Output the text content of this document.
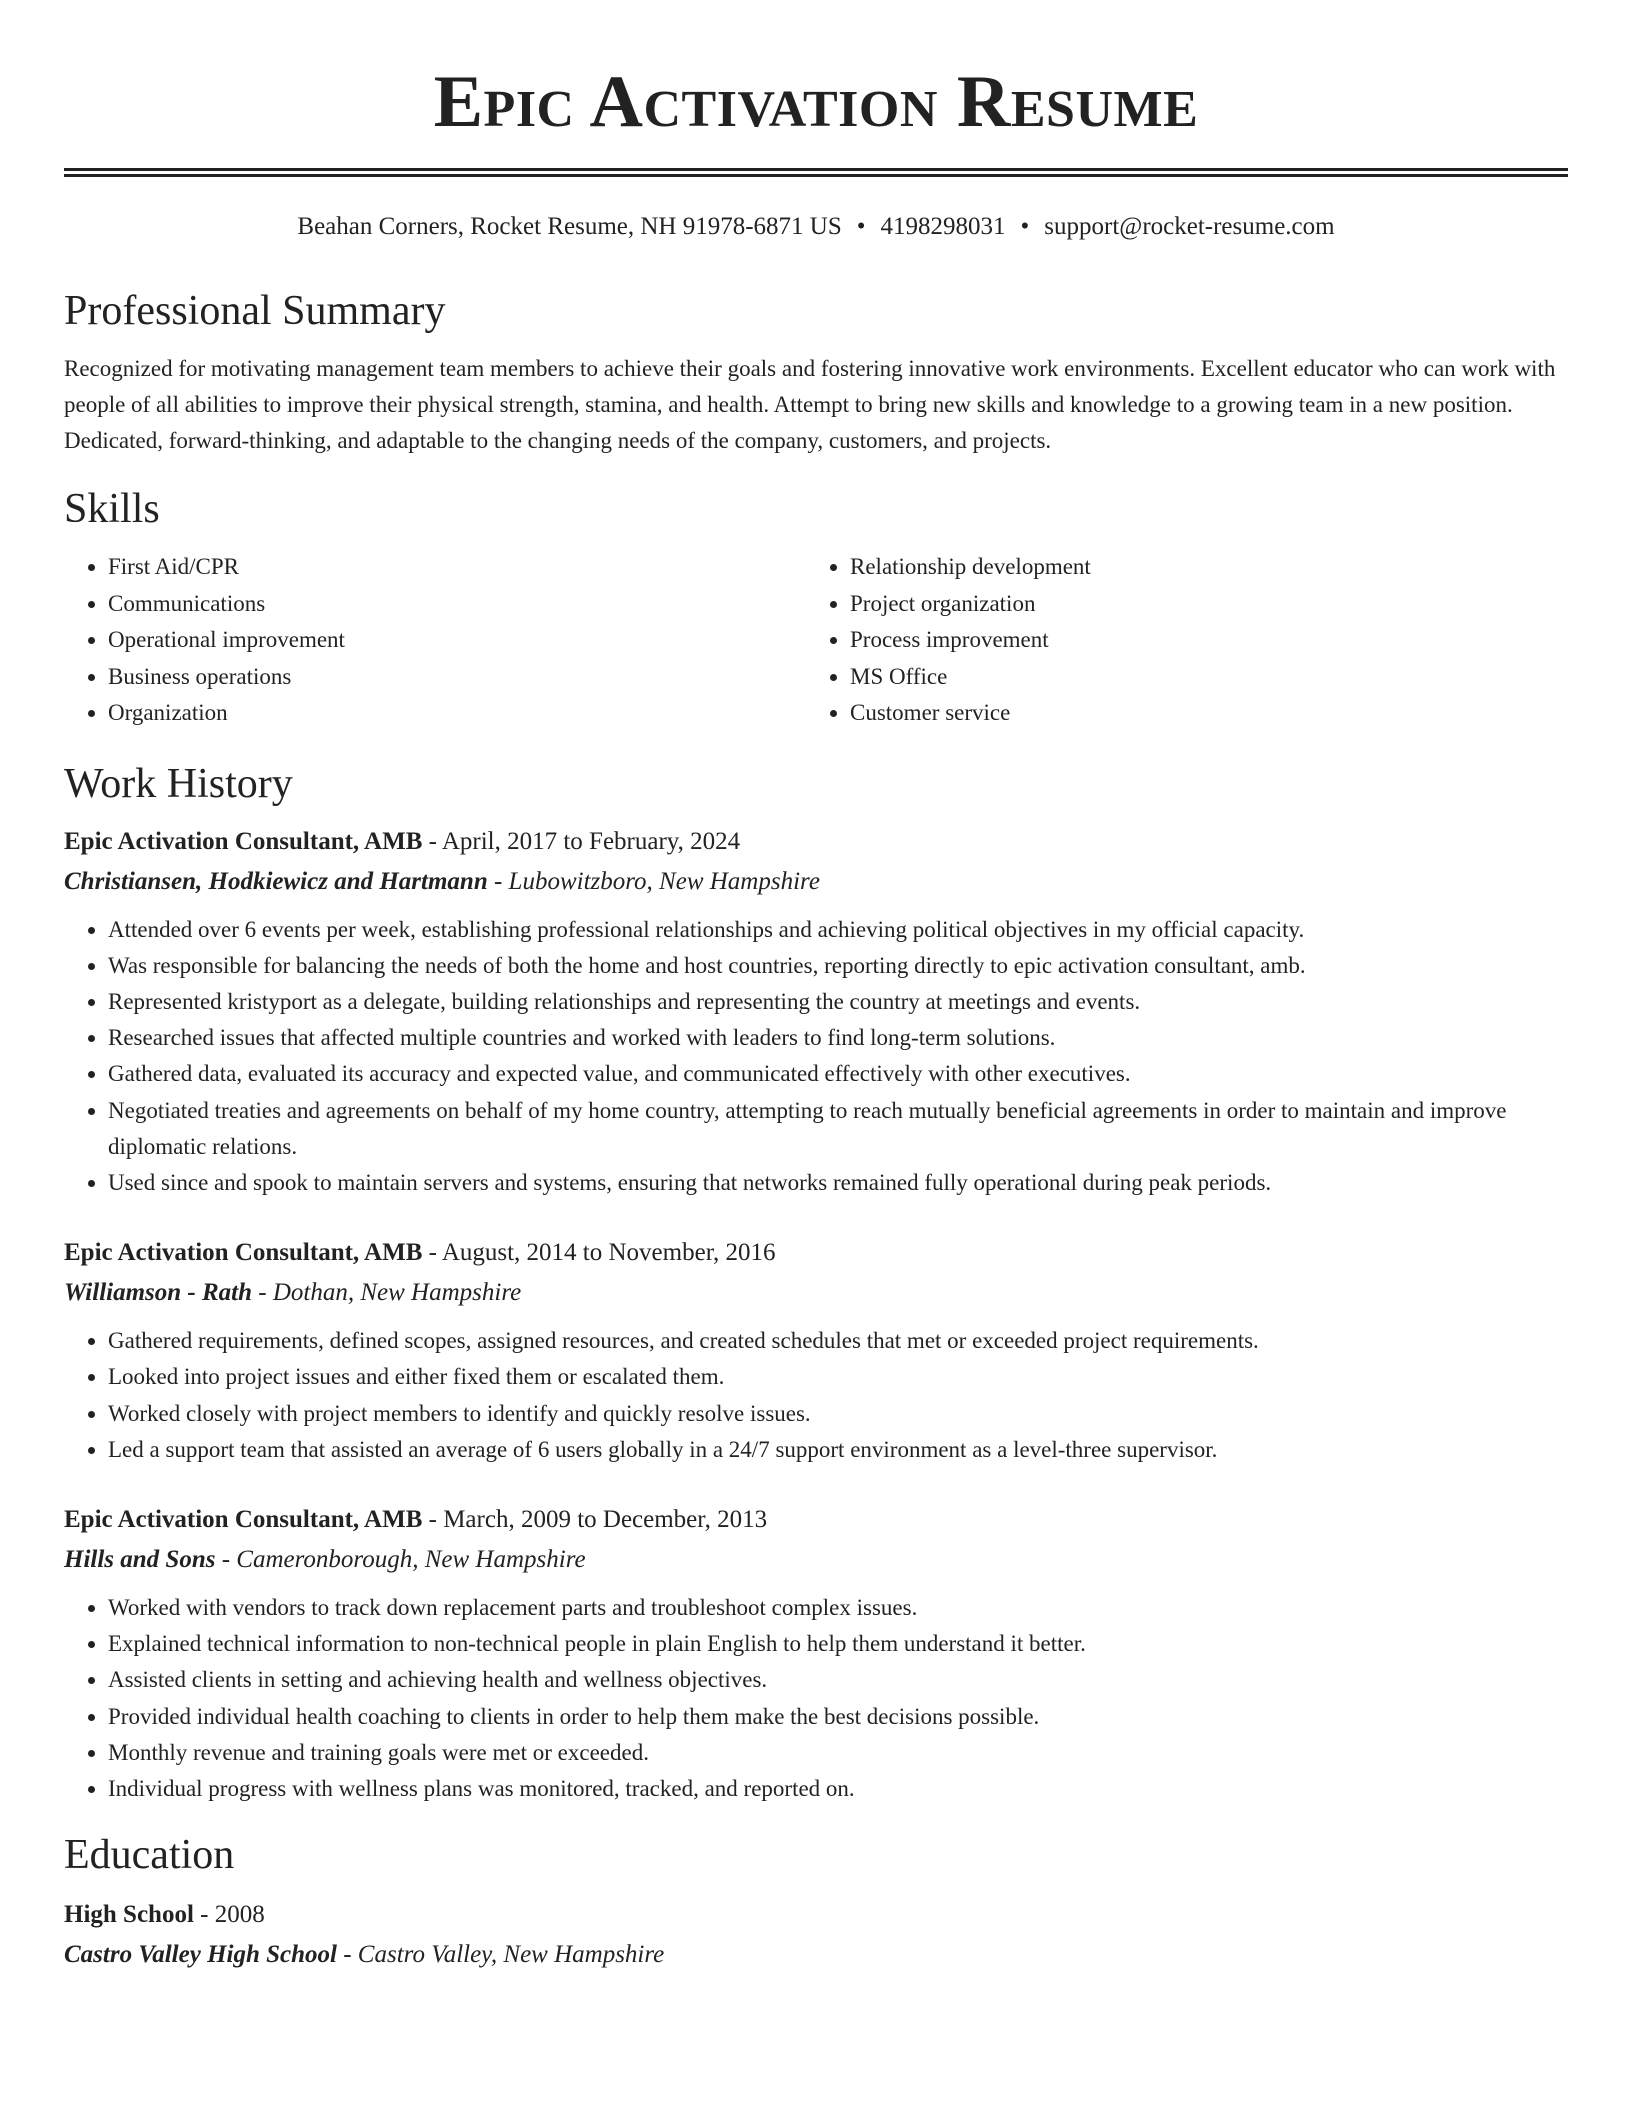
Epic Activation Resume
Beahan Corners, Rocket Resume, NH 91978-6871 US • 4198298031 • support@rocket-resume.com
Professional Summary

Recognized for motivating management team members to achieve their goals and fostering innovative work environments. Excellent educator who can work with people of all abilities to improve their physical strength, stamina, and health. Attempt to bring new skills and knowledge to a growing team in a new position. Dedicated, forward-thinking, and adaptable to the changing needs of the company, customers, and projects.

Skills
• First Aid/CPR
• Communications
• Operational improvement
• Business operations
• Organization
• Relationship development
• Project organization
• Process improvement
• MS Office
• Customer service
Work History
Epic Activation Consultant, AMB - April, 2017 to February, 2024
Christiansen, Hodkiewicz and Hartmann - Lubowitzboro, New Hampshire
• Attended over 6 events per week, establishing professional relationships and achieving political objectives in my official capacity.
• Was responsible for balancing the needs of both the home and host countries, reporting directly to epic activation consultant, amb.
• Represented kristyport as a delegate, building relationships and representing the country at meetings and events.
• Researched issues that affected multiple countries and worked with leaders to find long-term solutions.
• Gathered data, evaluated its accuracy and expected value, and communicated effectively with other executives.
• Negotiated treaties and agreements on behalf of my home country, attempting to reach mutually beneficial agreements in order to maintain and improve diplomatic relations.
• Used since and spook to maintain servers and systems, ensuring that networks remained fully operational during peak periods.
Epic Activation Consultant, AMB - August, 2014 to November, 2016
Williamson - Rath - Dothan, New Hampshire
• Gathered requirements, defined scopes, assigned resources, and created schedules that met or exceeded project requirements.
• Looked into project issues and either fixed them or escalated them.
• Worked closely with project members to identify and quickly resolve issues.
• Led a support team that assisted an average of 6 users globally in a 24/7 support environment as a level-three supervisor.
Epic Activation Consultant, AMB - March, 2009 to December, 2013
Hills and Sons - Cameronborough, New Hampshire
• Worked with vendors to track down replacement parts and troubleshoot complex issues.
• Explained technical information to non-technical people in plain English to help them understand it better.
• Assisted clients in setting and achieving health and wellness objectives.
• Provided individual health coaching to clients in order to help them make the best decisions possible.
• Monthly revenue and training goals were met or exceeded.
• Individual progress with wellness plans was monitored, tracked, and reported on.
Education
High School - 2008
Castro Valley High School - Castro Valley, New Hampshire
